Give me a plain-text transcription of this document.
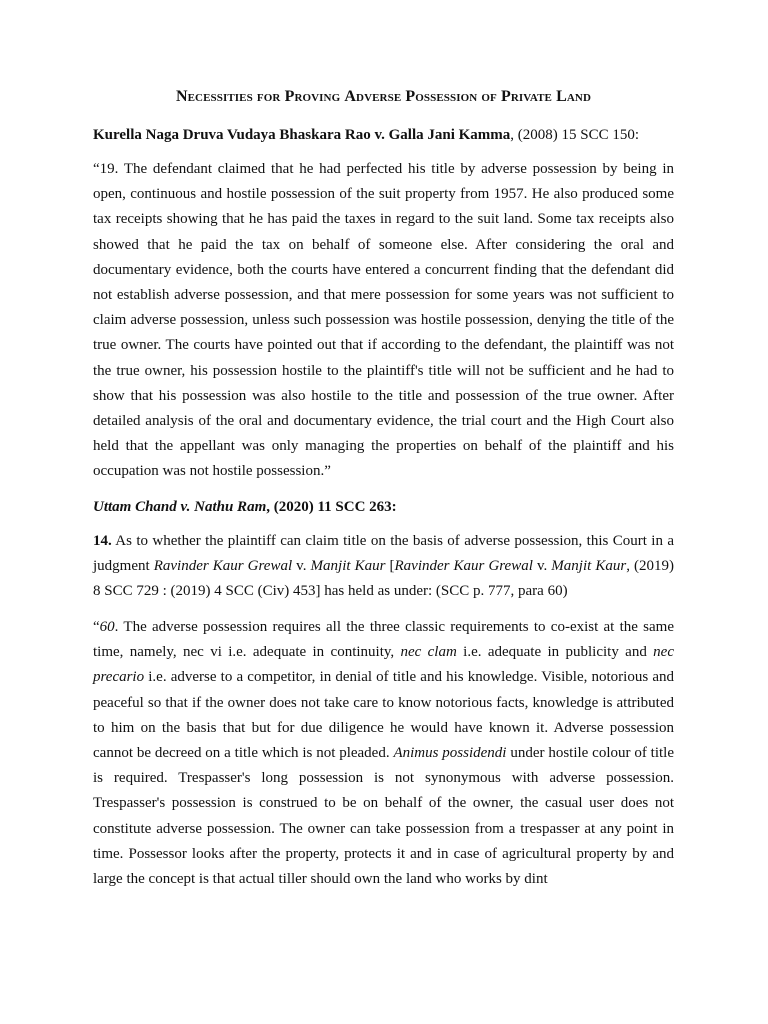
Necessities for Proving Adverse Possession of Private Land

Kurella Naga Druva Vudaya Bhaskara Rao v. Galla Jani Kamma, (2008) 15 SCC 150:

“19. The defendant claimed that he had perfected his title by adverse possession by being in open, continuous and hostile possession of the suit property from 1957. He also produced some tax receipts showing that he has paid the taxes in regard to the suit land. Some tax receipts also showed that he paid the tax on behalf of someone else. After considering the oral and documentary evidence, both the courts have entered a concurrent finding that the defendant did not establish adverse possession, and that mere possession for some years was not sufficient to claim adverse possession, unless such possession was hostile possession, denying the title of the true owner. The courts have pointed out that if according to the defendant, the plaintiff was not the true owner, his possession hostile to the plaintiff's title will not be sufficient and he had to show that his possession was also hostile to the title and possession of the true owner. After detailed analysis of the oral and documentary evidence, the trial court and the High Court also held that the appellant was only managing the properties on behalf of the plaintiff and his occupation was not hostile possession.”

Uttam Chand v. Nathu Ram, (2020) 11 SCC 263:

14. As to whether the plaintiff can claim title on the basis of adverse possession, this Court in a judgment Ravinder Kaur Grewal v. Manjit Kaur [Ravinder Kaur Grewal v. Manjit Kaur, (2019) 8 SCC 729 : (2019) 4 SCC (Civ) 453] has held as under: (SCC p. 777, para 60)

“60. The adverse possession requires all the three classic requirements to co-exist at the same time, namely, nec vi i.e. adequate in continuity, nec clam i.e. adequate in publicity and nec precario i.e. adverse to a competitor, in denial of title and his knowledge. Visible, notorious and peaceful so that if the owner does not take care to know notorious facts, knowledge is attributed to him on the basis that but for due diligence he would have known it. Adverse possession cannot be decreed on a title which is not pleaded. Animus possidendi under hostile colour of title is required. Trespasser's long possession is not synonymous with adverse possession. Trespasser's possession is construed to be on behalf of the owner, the casual user does not constitute adverse possession. The owner can take possession from a trespasser at any point in time. Possessor looks after the property, protects it and in case of agricultural property by and large the concept is that actual tiller should own the land who works by dint
